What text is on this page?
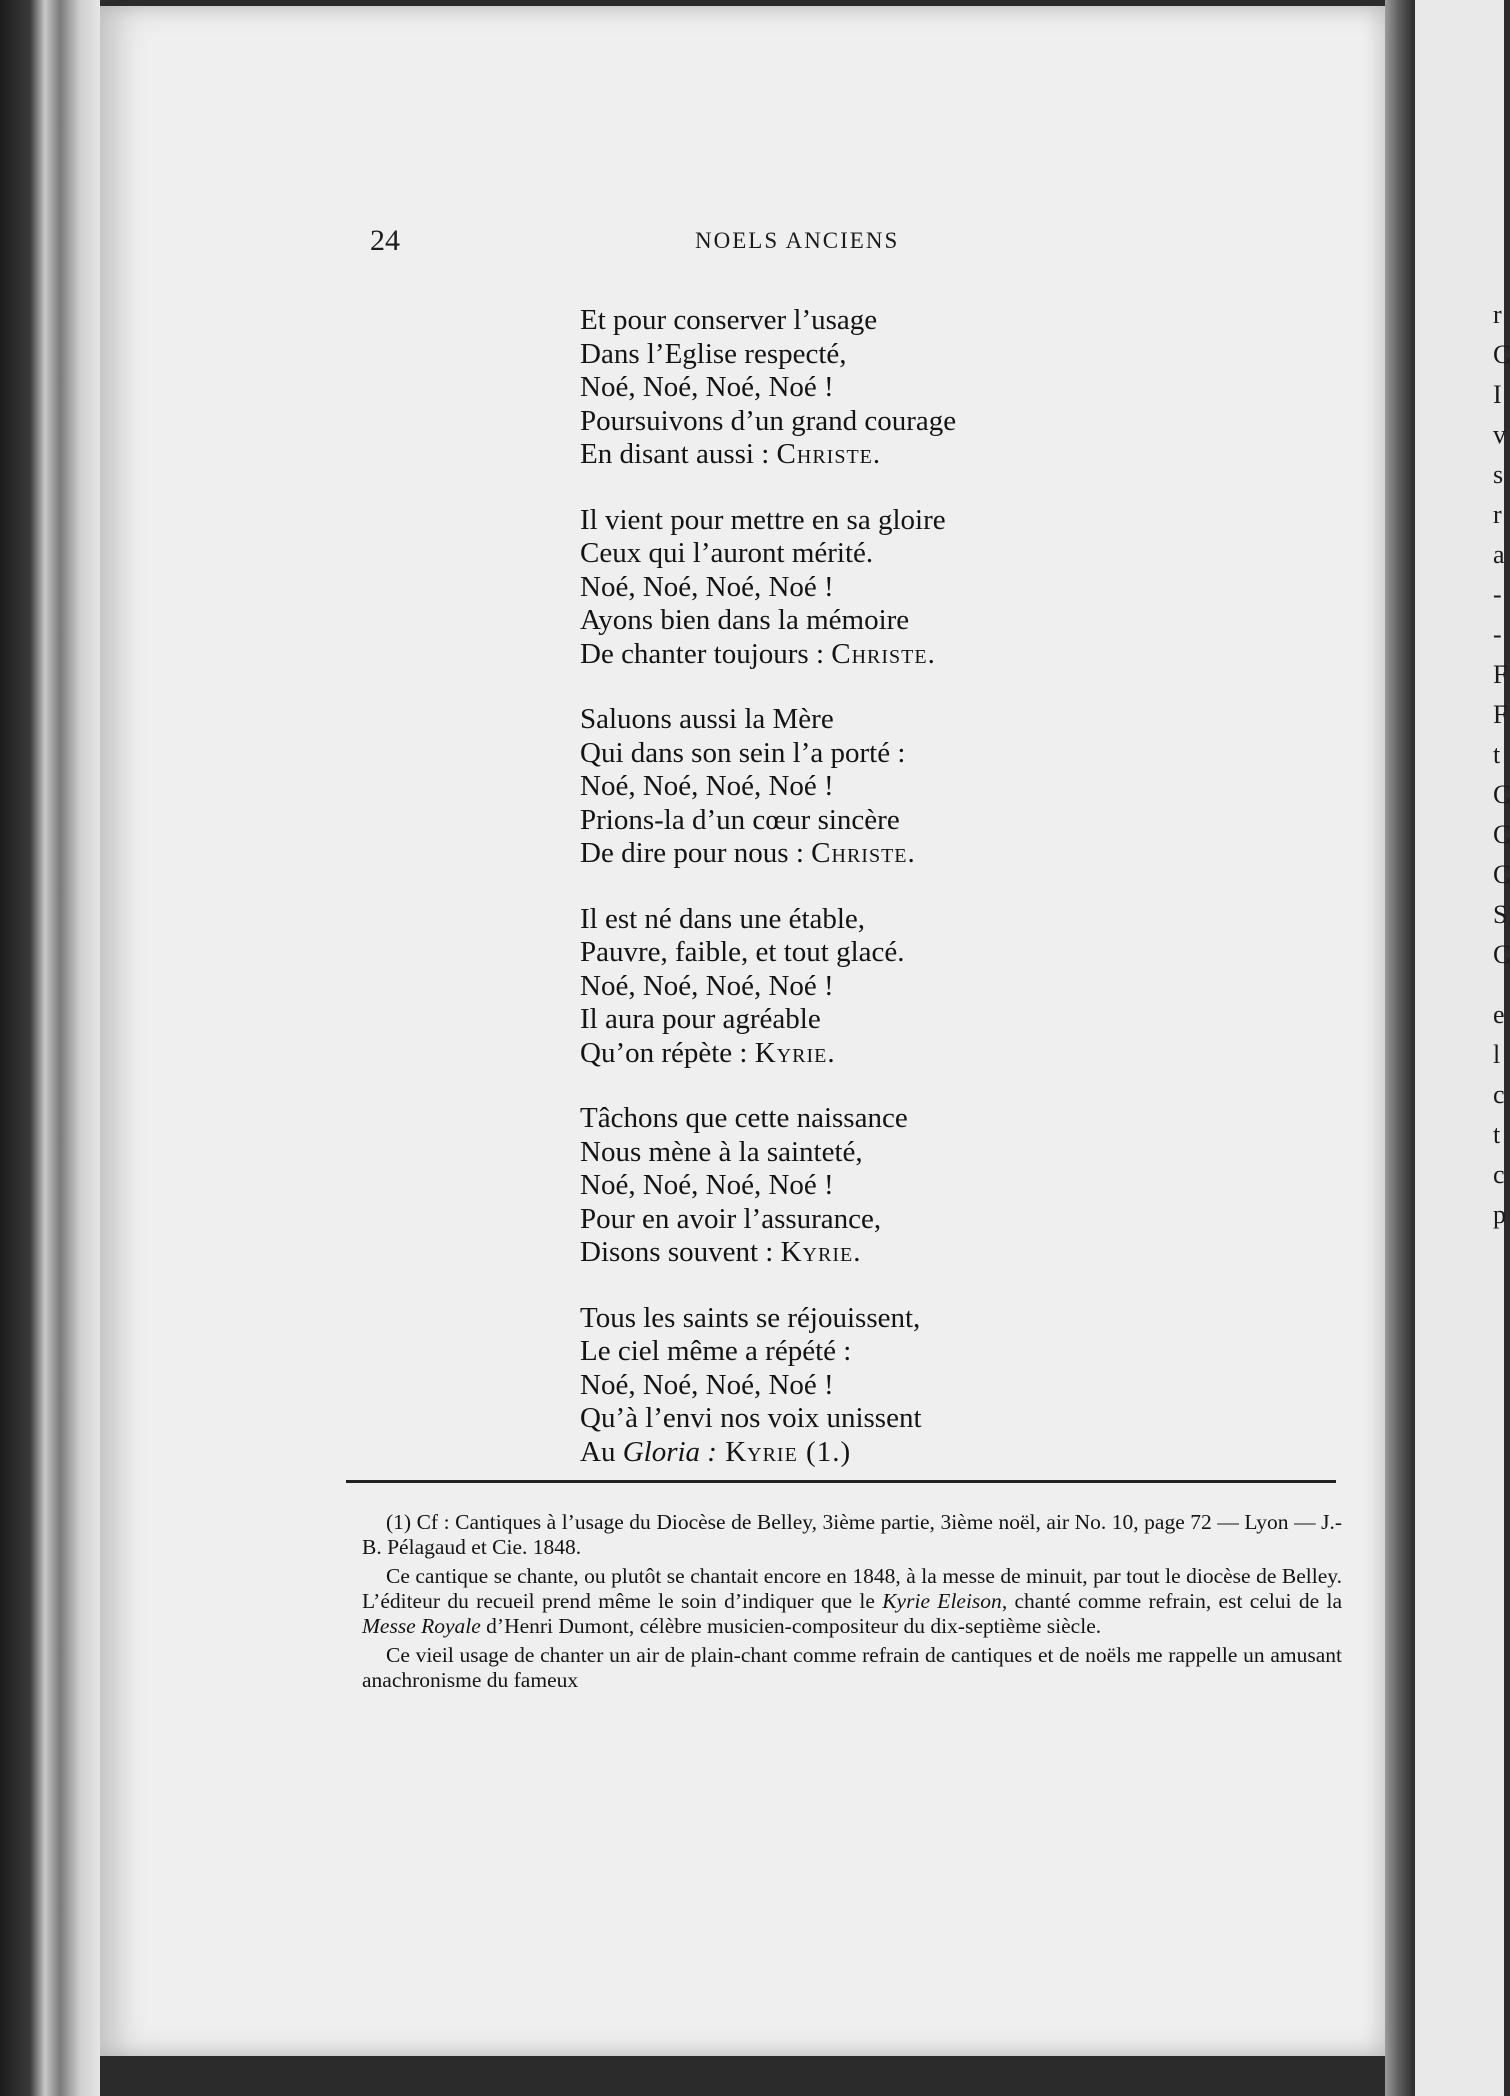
24	NOELS ANCIENS
Et pour conserver l’usage
Dans l’Eglise respecté,
Noé, Noé, Noé, Noé !
Poursuivons d’un grand courage
En disant aussi : Christe.
Il vient pour mettre en sa gloire
Ceux qui l’auront mérité.
Noé, Noé, Noé, Noé !
Ayons bien dans la mémoire
De chanter toujours : Christe.
Saluons aussi la Mère
Qui dans son sein l’a porté :
Noé, Noé, Noé, Noé !
Prions-la d’un cœur sincère
De dire pour nous : Christe.
Il est né dans une étable,
Pauvre, faible, et tout glacé.
Noé, Noé, Noé, Noé !
Il aura pour agréable
Qu’on répète : Kyrie.
Tâchons que cette naissance
Nous mène à la sainteté,
Noé, Noé, Noé, Noé !
Pour en avoir l’assurance,
Disons souvent : Kyrie.
Tous les saints se réjouissent,
Le ciel même a répété :
Noé, Noé, Noé, Noé !
Qu’à l’envi nos voix unissent
Au Gloria : Kyrie (1.)

(1) Cf : Cantiques à l’usage du Diocèse de Belley, 3ième partie, 3ième noël, air No. 10, page 72 — Lyon — J.-B. Pélagaud et Cie. 1848.

Ce cantique se chante, ou plutôt se chantait encore en 1848, à la messe de minuit, par tout le diocèse de Belley. L’éditeur du recueil prend même le soin d’indiquer que le Kyrie Eleison, chanté comme refrain, est celui de la Messe Royale d’Henri Dumont, célèbre musicien-compositeur du dix-septième siècle.

Ce vieil usage de chanter un air de plain-chant comme refrain de cantiques et de noëls me rappelle un amusant anachronisme du fameux

r
C
I
v
s
r
a
-
-
F
F
t
C
C
C
S
C
e
l
c
t
c
p
